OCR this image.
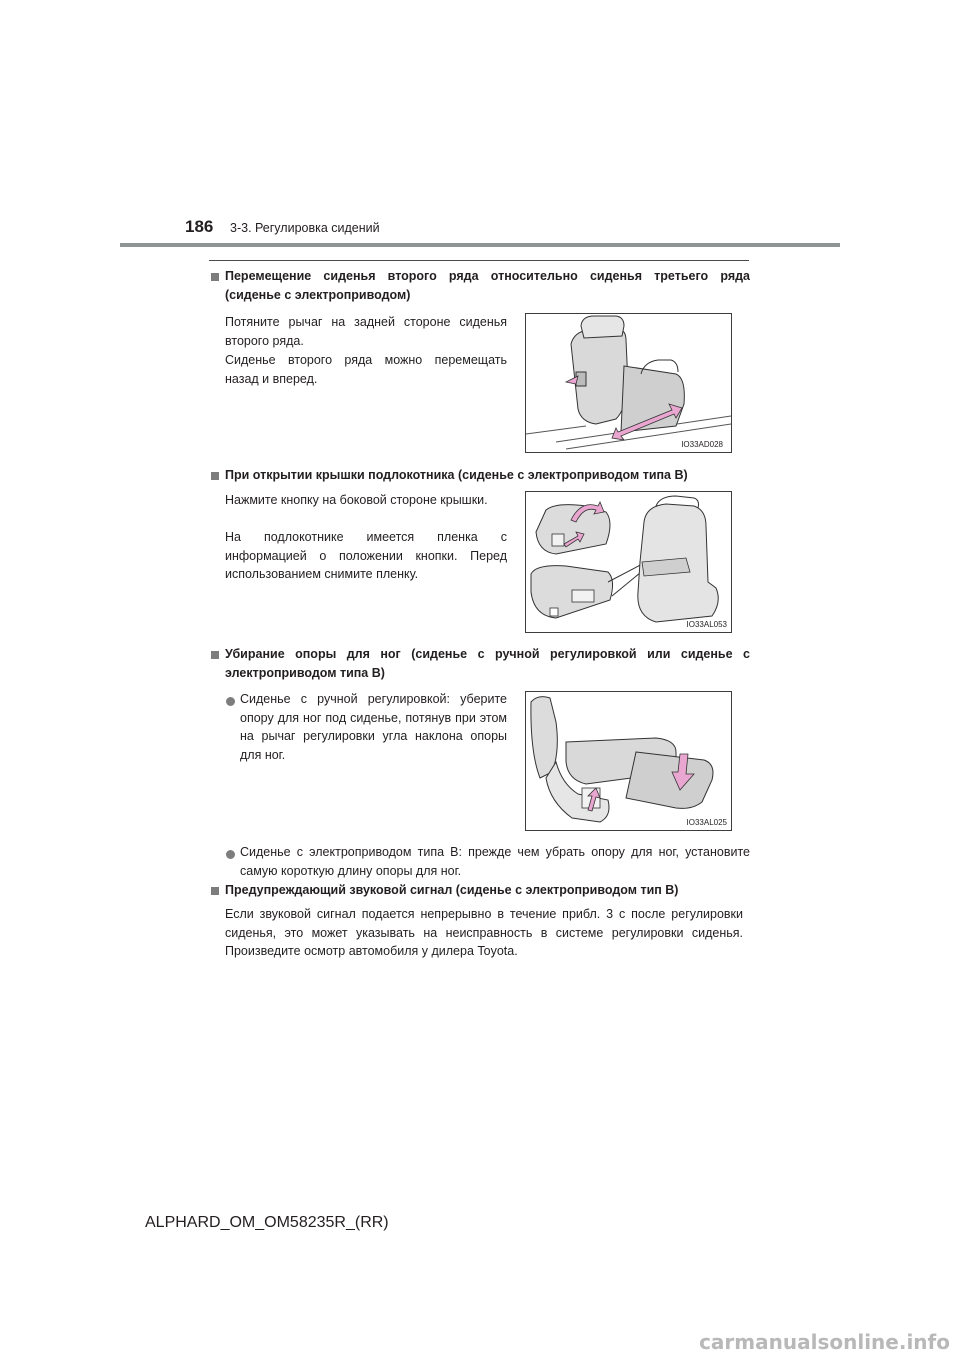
186 3-3. Регулировка сидений
Перемещение сиденья второго ряда относительно сиденья третьего ряда
(сиденье с электроприводом)
Потяните рычаг на задней стороне сиденья второго ряда.
Сиденье второго ряда можно перемещать назад и вперед.
IO33AD028
При открытии крышки подлокотника (сиденье с электроприводом типа B)
Нажмите кнопку на боковой стороне крышки.
На подлокотнике имеется пленка с информацией о положении кнопки. Перед использованием снимите пленку.
IO33AL053
Убирание опоры для ног (сиденье с ручной регулировкой или сиденье с
электроприводом типа B)
Сиденье с ручной регулировкой: уберите опору для ног под сиденье, потянув при этом на рычаг регулировки угла наклона опоры для ног.
IO33AL025
Сиденье с электроприводом типа B: прежде чем убрать опору для ног, установите самую короткую длину опоры для ног.
Предупреждающий звуковой сигнал (сиденье с электроприводом тип B)
Если звуковой сигнал подается непрерывно в течение прибл. 3 с после регулировки сиденья, это может указывать на неисправность в системе регулировки сиденья. Произведите осмотр автомобиля у дилера Toyota.
ALPHARD_OM_OM58235R_(RR)
carmanualsonline.info
